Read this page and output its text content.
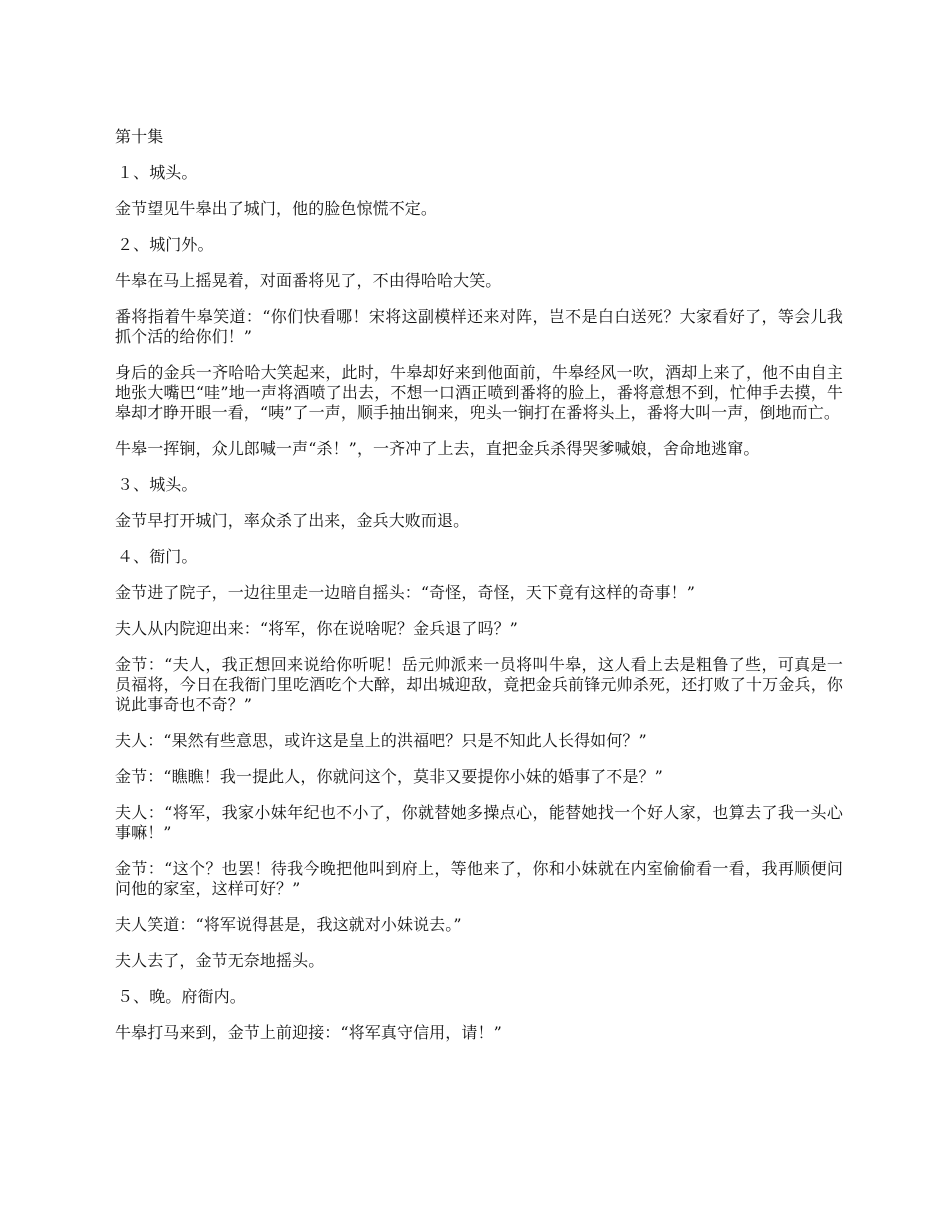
第十集
１、城头。
金节望见牛皋出了城门，他的脸色惊慌不定。
２、城门外。
牛皋在马上摇晃着，对面番将见了，不由得哈哈大笑。
番将指着牛皋笑道：“你们快看哪！宋将这副模样还来对阵，岂不是白白送死？大家看好了，等会儿我抓个活的给你们！”
身后的金兵一齐哈哈大笑起来，此时，牛皋却好来到他面前，牛皋经风一吹，酒却上来了，他不由自主地张大嘴巴“哇”地一声将酒喷了出去，不想一口酒正喷到番将的脸上，番将意想不到，忙伸手去摸，牛皋却才睁开眼一看，“咦”了一声，顺手抽出锏来，兜头一锏打在番将头上，番将大叫一声，倒地而亡。
牛皋一挥锏，众儿郎喊一声“杀！”，一齐冲了上去，直把金兵杀得哭爹喊娘，舍命地逃窜。
３、城头。
金节早打开城门，率众杀了出来，金兵大败而退。
４、衙门。
金节进了院子，一边往里走一边暗自摇头：“奇怪，奇怪，天下竟有这样的奇事！”
夫人从内院迎出来：“将军，你在说啥呢？金兵退了吗？”
金节：“夫人，我正想回来说给你听呢！岳元帅派来一员将叫牛皋，这人看上去是粗鲁了些，可真是一员福将，今日在我衙门里吃酒吃个大醉，却出城迎敌，竟把金兵前锋元帅杀死，还打败了十万金兵，你说此事奇也不奇？”
夫人：“果然有些意思，或许这是皇上的洪福吧？只是不知此人长得如何？”
金节：“瞧瞧！我一提此人，你就问这个，莫非又要提你小妹的婚事了不是？”
夫人：“将军，我家小妹年纪也不小了，你就替她多操点心，能替她找一个好人家，也算去了我一头心事嘛！”
金节：“这个？也罢！待我今晚把他叫到府上，等他来了，你和小妹就在内室偷偷看一看，我再顺便问问他的家室，这样可好？”
夫人笑道：“将军说得甚是，我这就对小妹说去。”
夫人去了，金节无奈地摇头。
５、晚。府衙内。
牛皋打马来到，金节上前迎接：“将军真守信用，请！”
